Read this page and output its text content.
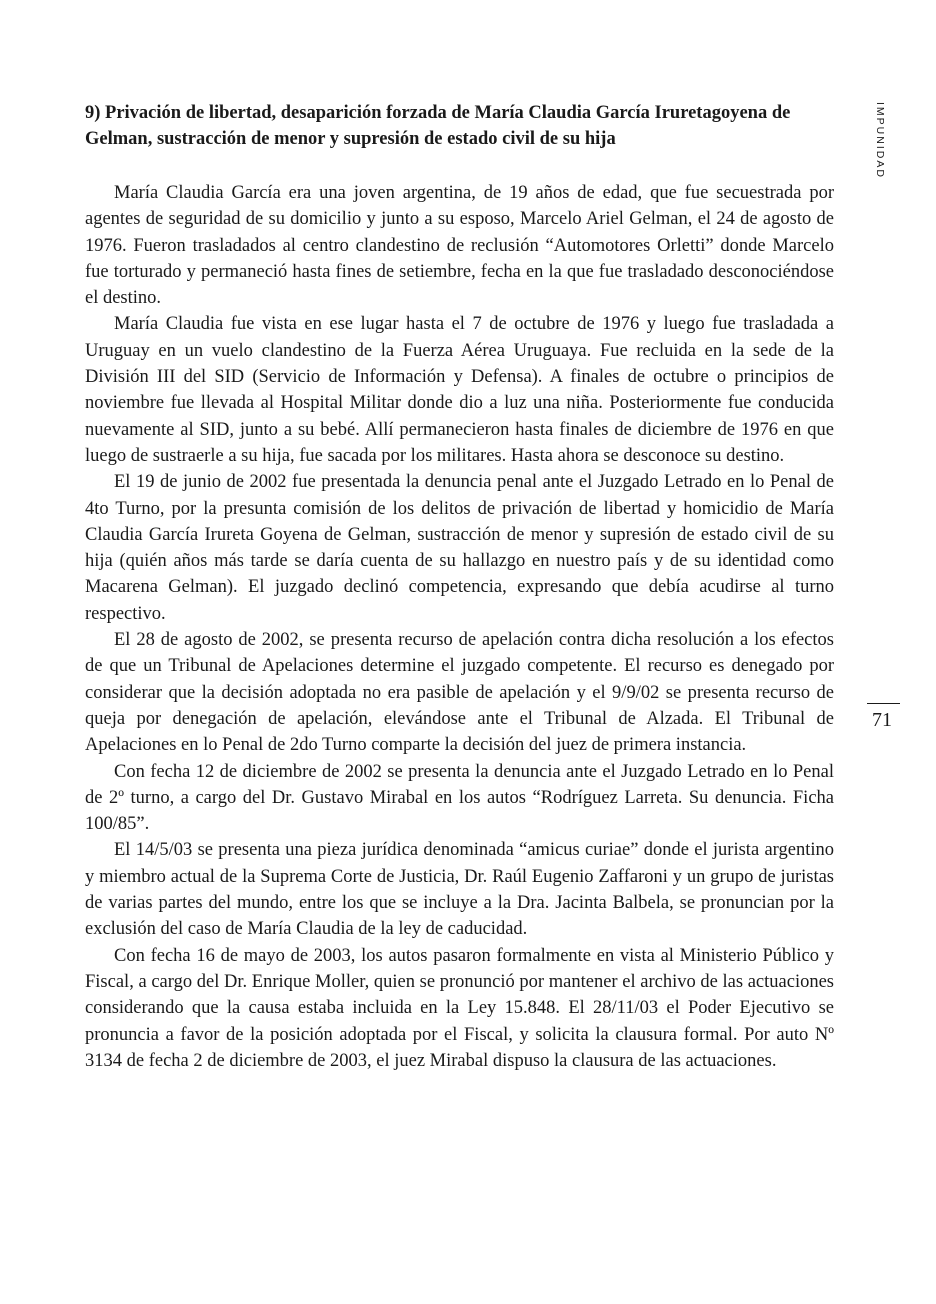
IMPUNIDAD
71
9) Privación de libertad, desaparición forzada de María Claudia García Iruretagoyena de Gelman, sustracción de menor y supresión de estado civil de su hija

María Claudia García era una joven argentina, de 19 años de edad, que fue secuestrada por agentes de seguridad de su domicilio y junto a su esposo, Marcelo Ariel Gelman, el 24 de agosto de 1976. Fueron trasladados al centro clandestino de reclusión “Automotores Orletti” donde Marcelo fue torturado y permaneció hasta fines de setiembre, fecha en la que fue trasladado desconociéndose el destino.

María Claudia fue vista en ese lugar hasta el 7 de octubre de 1976 y luego fue trasladada a Uruguay en un vuelo clandestino de la Fuerza Aérea Uruguaya. Fue recluida en la sede de la División III del SID (Servicio de Información y Defensa). A finales de octubre o principios de noviembre fue llevada al Hospital Militar donde dio a luz una niña. Posteriormente fue conducida nuevamente al SID, junto a su bebé. Allí permanecieron hasta finales de diciembre de 1976 en que luego de sustraerle a su hija, fue sacada por los militares. Hasta ahora se desconoce su destino.

El 19 de junio de 2002 fue presentada la denuncia penal ante el Juzgado Letrado en lo Penal de 4to Turno, por la presunta comisión de los delitos de privación de libertad y homicidio de María Claudia García Irureta Goyena de Gelman, sustracción de menor y supresión de estado civil de su hija (quién años más tarde se daría cuenta de su hallazgo en nuestro país y de su identidad como Macarena Gelman). El juzgado declinó competencia, expresando que debía acudirse al turno respectivo.

El 28 de agosto de 2002, se presenta recurso de apelación contra dicha resolución a los efectos de que un Tribunal de Apelaciones determine el juzgado competente. El recurso es denegado por considerar que la decisión adoptada no era pasible de apelación y el 9/9/02 se presenta recurso de queja por denegación de apelación, elevándose ante el Tribunal de Alzada. El Tribunal de Apelaciones en lo Penal de 2do Turno comparte la decisión del juez de primera instancia.

Con fecha 12 de diciembre de 2002 se presenta la denuncia ante el Juzgado Letrado en lo Penal de 2º turno, a cargo del Dr. Gustavo Mirabal en los autos “Rodríguez Larreta. Su denuncia. Ficha 100/85”.

El 14/5/03 se presenta una pieza jurídica denominada “amicus curiae” donde el jurista argentino y miembro actual de la Suprema Corte de Justicia, Dr. Raúl Eugenio Zaffaroni y un grupo de juristas de varias partes del mundo, entre los que se incluye a la Dra. Jacinta Balbela, se pronuncian por la exclusión del caso de María Claudia de la ley de caducidad.

Con fecha 16 de mayo de 2003, los autos pasaron formalmente en vista al Ministerio Público y Fiscal, a cargo del Dr. Enrique Moller, quien se pronunció por mantener el archivo de las actuaciones considerando que la causa estaba incluida en la Ley 15.848. El 28/11/03 el Poder Ejecutivo se pronuncia a favor de la posición adoptada por el Fiscal, y solicita la clausura formal. Por auto Nº 3134 de fecha 2 de diciembre de 2003, el juez Mirabal dispuso la clausura de las actuaciones.
